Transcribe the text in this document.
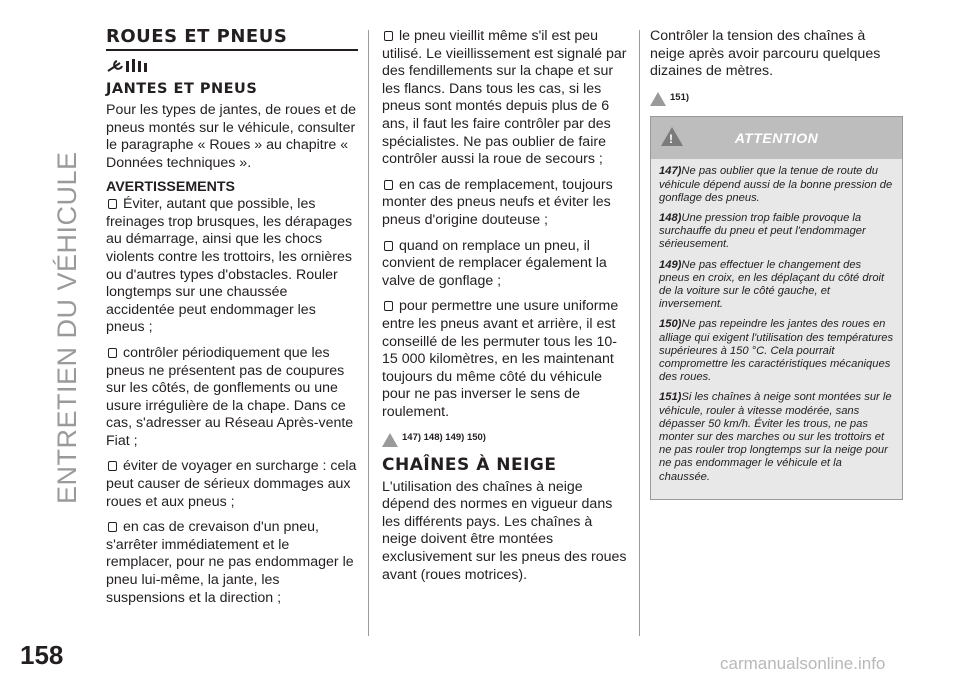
ENTRETIEN DU VÉHICULE
158
ROUES ET PNEUS
JANTES ET PNEUS

Pour les types de jantes, de roues et de pneus montés sur le véhicule, consulter le paragraphe « Roues » au chapitre « Données techniques ».

AVERTISSEMENTS

Éviter, autant que possible, les freinages trop brusques, les dérapages au démarrage, ainsi que les chocs violents contre les trottoirs, les ornières ou d'autres types d'obstacles. Rouler longtemps sur une chaussée accidentée peut endommager les pneus ;

contrôler périodiquement que les pneus ne présentent pas de coupures sur les côtés, de gonflements ou une usure irrégulière de la chape. Dans ce cas, s'adresser au Réseau Après-vente Fiat ;

éviter de voyager en surcharge : cela peut causer de sérieux dommages aux roues et aux pneus ;

en cas de crevaison d'un pneu, s'arrêter immédiatement et le remplacer, pour ne pas endommager le pneu lui-même, la jante, les suspensions et la direction ;

le pneu vieillit même s'il est peu utilisé. Le vieillissement est signalé par des fendillements sur la chape et sur les flancs. Dans tous les cas, si les pneus sont montés depuis plus de 6 ans, il faut les faire contrôler par des spécialistes. Ne pas oublier de faire contrôler aussi la roue de secours ;

en cas de remplacement, toujours monter des pneus neufs et éviter les pneus d'origine douteuse ;

quand on remplace un pneu, il convient de remplacer également la valve de gonflage ;

pour permettre une usure uniforme entre les pneus avant et arrière, il est conseillé de les permuter tous les 10-15 000 kilomètres, en les maintenant toujours du même côté du véhicule pour ne pas inverser le sens de roulement.

147) 148) 149) 150)
CHAÎNES À NEIGE

L'utilisation des chaînes à neige dépend des normes en vigueur dans les différents pays. Les chaînes à neige doivent être montées exclusivement sur les pneus des roues avant (roues motrices).

Contrôler la tension des chaînes à neige après avoir parcouru quelques dizaines de mètres.

151)
!
ATTENTION

147)Ne pas oublier que la tenue de route du véhicule dépend aussi de la bonne pression de gonflage des pneus.

148)Une pression trop faible provoque la surchauffe du pneu et peut l'endommager sérieusement.

149)Ne pas effectuer le changement des pneus en croix, en les déplaçant du côté droit de la voiture sur le côté gauche, et inversement.

150)Ne pas repeindre les jantes des roues en alliage qui exigent l'utilisation des températures supérieures à 150 °C. Cela pourrait compromettre les caractéristiques mécaniques des roues.

151)Si les chaînes à neige sont montées sur le véhicule, rouler à vitesse modérée, sans dépasser 50 km/h. Éviter les trous, ne pas monter sur des marches ou sur les trottoirs et ne pas rouler trop longtemps sur la neige pour ne pas endommager le véhicule et la chaussée.

carmanualsonline.info
